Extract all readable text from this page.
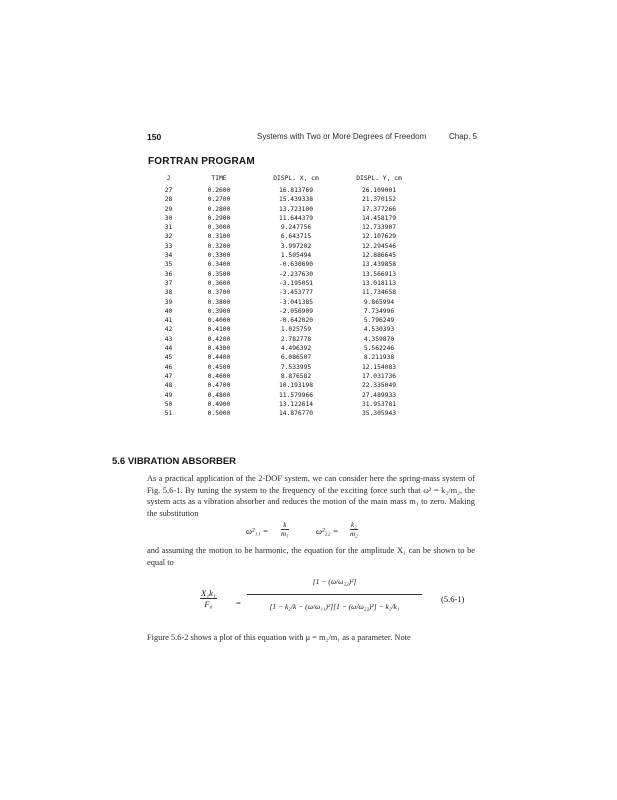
150	Systems with Two or More Degrees of Freedom	Chap. 5
FORTRAN PROGRAM
J	TIME	DISPL. X, cm	DISPL. Y, cm
27	0.2600	16.813769	26.109001
28	0.2700	15.439338	21.370152
29	0.2800	13.723100	17.377266
30	0.2900	11.644379	14.458179
31	0.3000	9.247756	12.733907
32	0.3100	6.643715	12.107629
33	0.3200	3.997202	12.294546
34	0.3300	1.505494	12.886645
35	0.3400	-0.630690	13.439858
36	0.3500	-2.237630	13.566913
37	0.3600	-3.195051	13.018113
38	0.3700	-3.453777	11.734658
39	0.3800	-3.041385	9.865994
40	0.3900	-2.056909	7.734996
41	0.4000	-0.642020	5.796249
42	0.4100	1.025759	4.530393
43	0.4200	2.782778	4.359870
44	0.4300	4.496392	5.562246
45	0.4400	6.086507	8.211938
46	0.4500	7.533995	12.154083
47	0.4600	8.876582	17.031736
48	0.4700	10.193198	22.335049
49	0.4800	11.579966	27.489933
50	0.4900	13.122614	31.953781
51	0.5000	14.876770	35.305943
5.6 VIBRATION ABSORBER
As a practical application of the 2-DOF system, we can consider here the spring-mass system of Fig. 5.6-1. By tuning the system to the frequency of the exciting force such that ω² = k₂/m₂, the system acts as a vibration absorber and reduces the motion of the main mass m₁ to zero. Making the substitution
$\omega^2_{11} = \frac{k}{\text{m₁}}$	$\omega^2_{22} = \frac{\text{k₂}}{\text{m₂}}$
and assuming the motion to be harmonic, the equation for the amplitude X₁ can be shown to be equal to
$\frac{\text{X₁k₁}}{\text{F₀}} = \frac{\text{[1 − (ω/ω₂₂)²]}}{\text{[1 − k₂/k − (ω/ω₁₁)²][1 − (ω/ω₂₂)²] − k₂/k₁}} (5.6-1)$
Figure 5.6-2 shows a plot of this equation with μ = m₂/m₁ as a parameter. Note
